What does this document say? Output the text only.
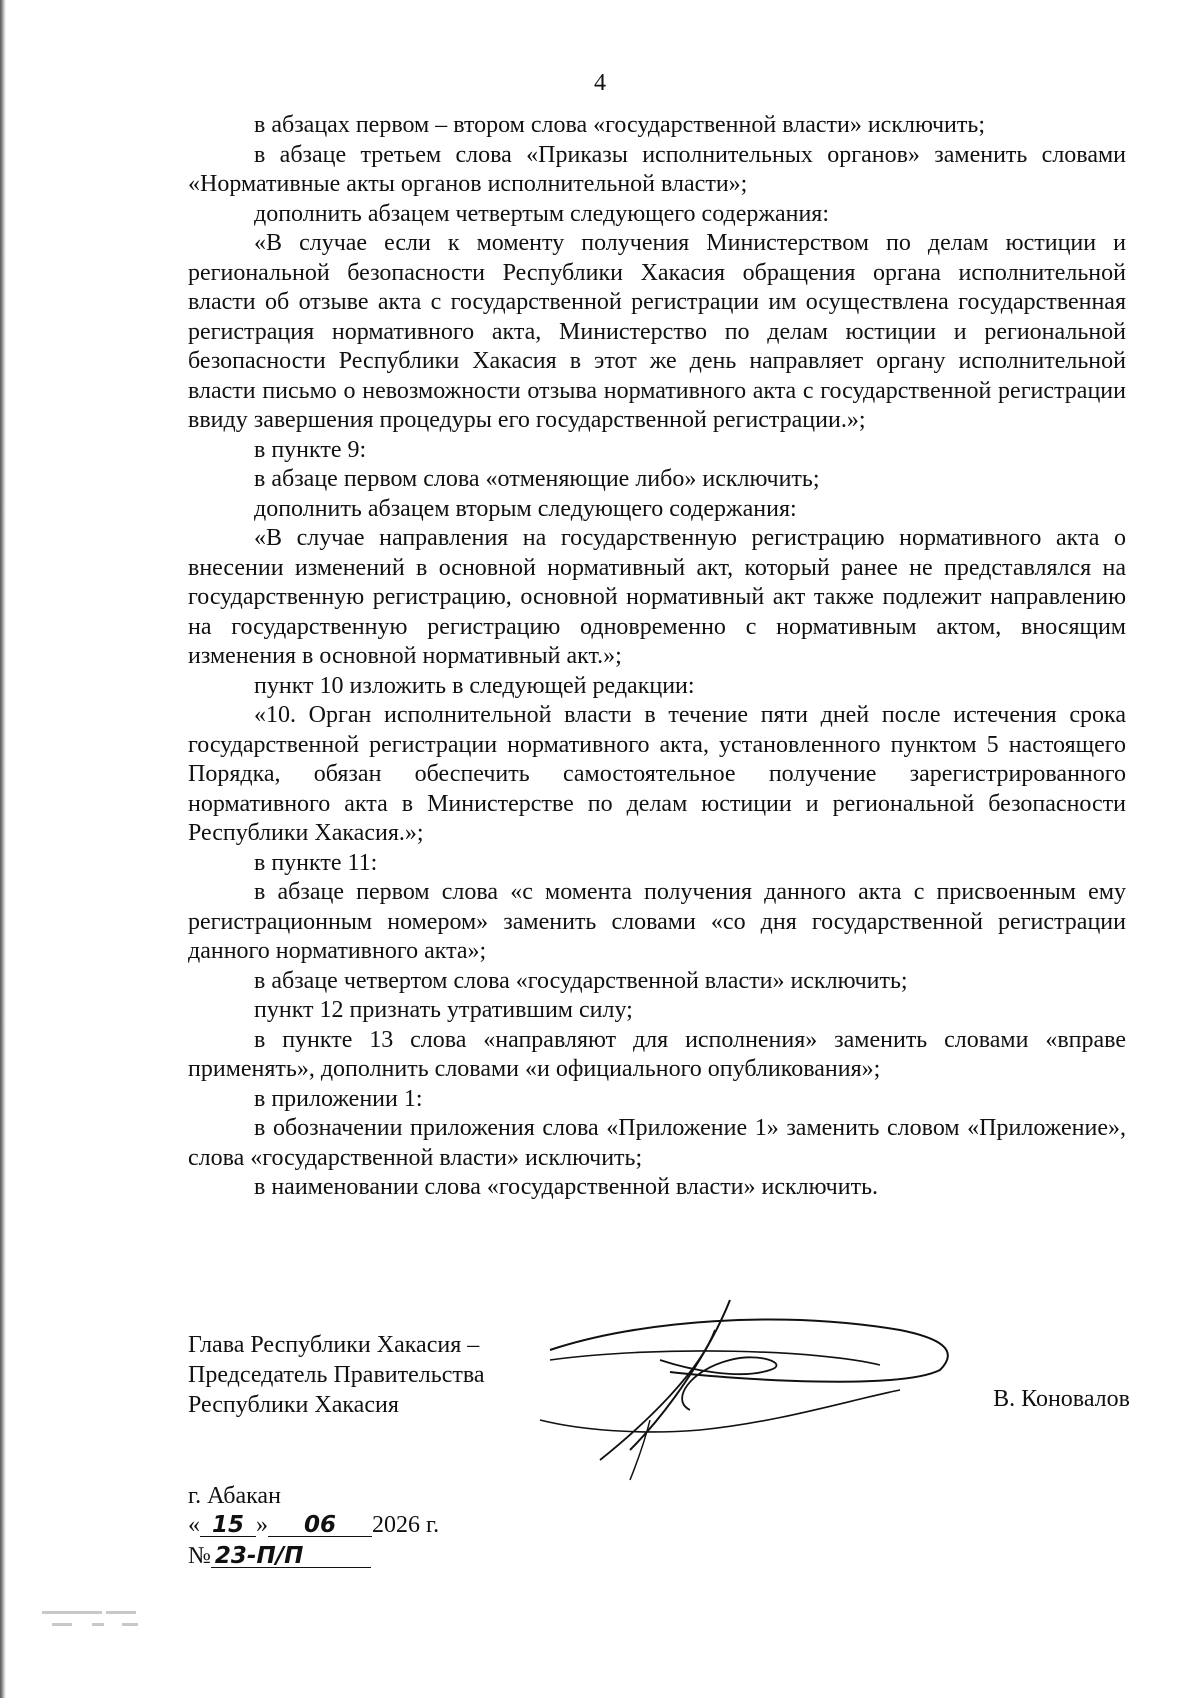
4

в абзацах первом – втором слова «государственной власти» исключить;

в абзаце третьем слова «Приказы исполнительных органов» заменить словами «Нормативные акты органов исполнительной власти»;

дополнить абзацем четвертым следующего содержания:

«В случае если к моменту получения Министерством по делам юстиции и региональной безопасности Республики Хакасия обращения органа исполнительной власти об отзыве акта с государственной регистрации им осуществлена государственная регистрация нормативного акта, Министерство по делам юстиции и региональной безопасности Республики Хакасия в этот же день направляет органу исполнительной власти письмо о невозможности отзыва нормативного акта с государственной регистрации ввиду завершения процедуры его государственной регистрации.»;

в пункте 9:

в абзаце первом слова «отменяющие либо» исключить;

дополнить абзацем вторым следующего содержания:

«В случае направления на государственную регистрацию нормативного акта о внесении изменений в основной нормативный акт, который ранее не представлялся на государственную регистрацию, основной нормативный акт также подлежит направлению на государственную регистрацию одновременно с нормативным актом, вносящим изменения в основной нормативный акт.»;

пункт 10 изложить в следующей редакции:

«10. Орган исполнительной власти в течение пяти дней после истечения срока государственной регистрации нормативного акта, установленного пунктом 5 настоящего Порядка, обязан обеспечить самостоятельное получение зарегистрированного нормативного акта в Министерстве по делам юстиции и региональной безопасности Республики Хакасия.»;

в пункте 11:

в абзаце первом слова «с момента получения данного акта с присвоенным ему регистрационным номером» заменить словами «со дня государственной регистрации данного нормативного акта»;

в абзаце четвертом слова «государственной власти» исключить;

пункт 12 признать утратившим силу;

в пункте 13 слова «направляют для исполнения» заменить словами «вправе применять», дополнить словами «и официального опубликования»;

в приложении 1:

в обозначении приложения слова «Приложение 1» заменить словом «Приложение», слова «государственной власти» исключить;

в наименовании слова «государственной власти» исключить.

Глава Республики Хакасия –
Председатель Правительства
Республики Хакасия	В. Коновалов
г. Абакан
« 15 » 06 2026 г.
№ 23-П/П
